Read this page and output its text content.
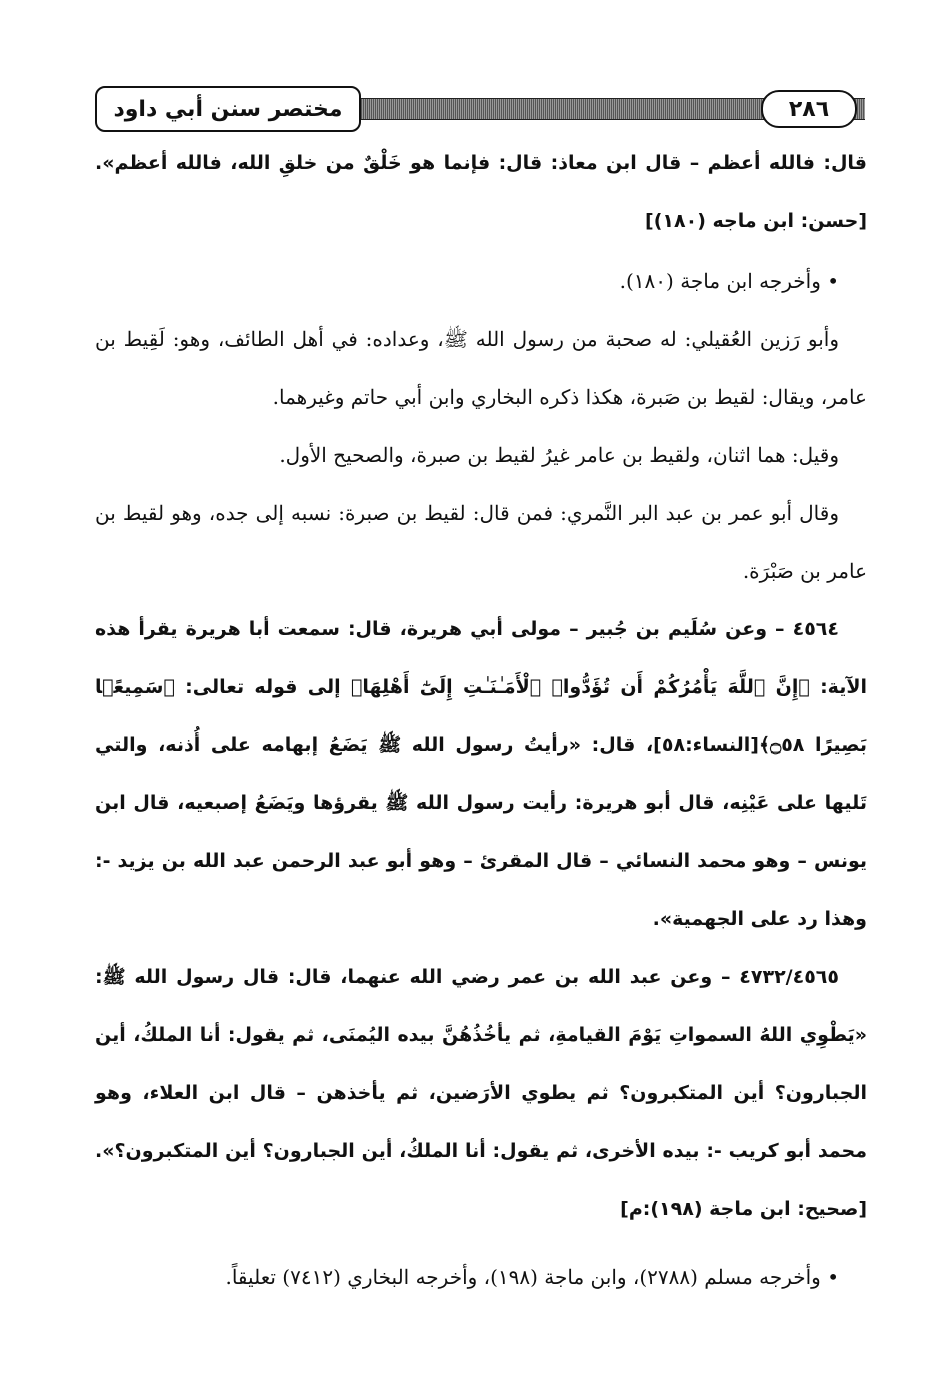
مختصر سنن أبي داود	٢٨٦

قال: فالله أعظم – قال ابن معاذ: قال: فإنما هو خَلْقٌ من خلقِ الله، فالله أعظم». [حسن: ابن ماجه (١٨٠)]

• وأخرجه ابن ماجة (١٨٠).

وأبو رَزين العُقيلي: له صحبة من رسول الله ﷺ، وعداده: في أهل الطائف، وهو: لَقِيط بن عامر، ويقال: لقيط بن صَبرة، هكذا ذكره البخاري وابن أبي حاتم وغيرهما.

وقيل: هما اثنان، ولقيط بن عامر غيرُ لقيط بن صبرة، والصحيح الأول.

وقال أبو عمر بن عبد البر النَّمري: فمن قال: لقيط بن صبرة: نسبه إلى جده، وهو لقيط بن عامر بن صَبْرَة.

٤٥٦٤ – وعن سُلَيم بن جُبير – مولى أبي هريرة، قال: سمعت أبا هريرة يقرأ هذه الآية: ﴿إِنَّ ٱللَّهَ يَأْمُرُكُمْ أَن تُؤَدُّوا۟ ٱلْأَمَـٰنَـٰتِ إِلَىٰٓ أَهْلِهَا﴾ إلى قوله تعالى: ﴿سَمِيعًۢا بَصِيرًا ۝٥٨﴾[النساء:٥٨]، قال: «رأيتُ رسول الله ﷺ يَضَعُ إبهامه على أُذنه، والتي تَليها على عَيْنِه، قال أبو هريرة: رأيت رسول الله ﷺ يقرؤها ويَضَعُ إصبعيه، قال ابن يونس – وهو محمد النسائي – قال المقرئ – وهو أبو عبد الرحمن عبد الله بن يزيد -: وهذا رد على الجهمية».

٤٧٣٢/٤٥٦٥ – وعن عبد الله بن عمر رضي الله عنهما، قال: قال رسول الله ﷺ: «يَطْوِي اللهُ السمواتِ يَوْمَ القيامةِ، ثم يأخُذُهُنَّ بيده اليُمنَى، ثم يقول: أنا الملكُ، أين الجبارون؟ أين المتكبرون؟ ثم يطوي الأرَضين، ثم يأخذهن – قال ابن العلاء، وهو محمد أبو كريب -: بيده الأخرى، ثم يقول: أنا الملكُ، أين الجبارون؟ أين المتكبرون؟». [صحيح: ابن ماجة (١٩٨):م]

• وأخرجه مسلم (٢٧٨٨)، وابن ماجة (١٩٨)، وأخرجه البخاري (٧٤١٢) تعليقاً.
